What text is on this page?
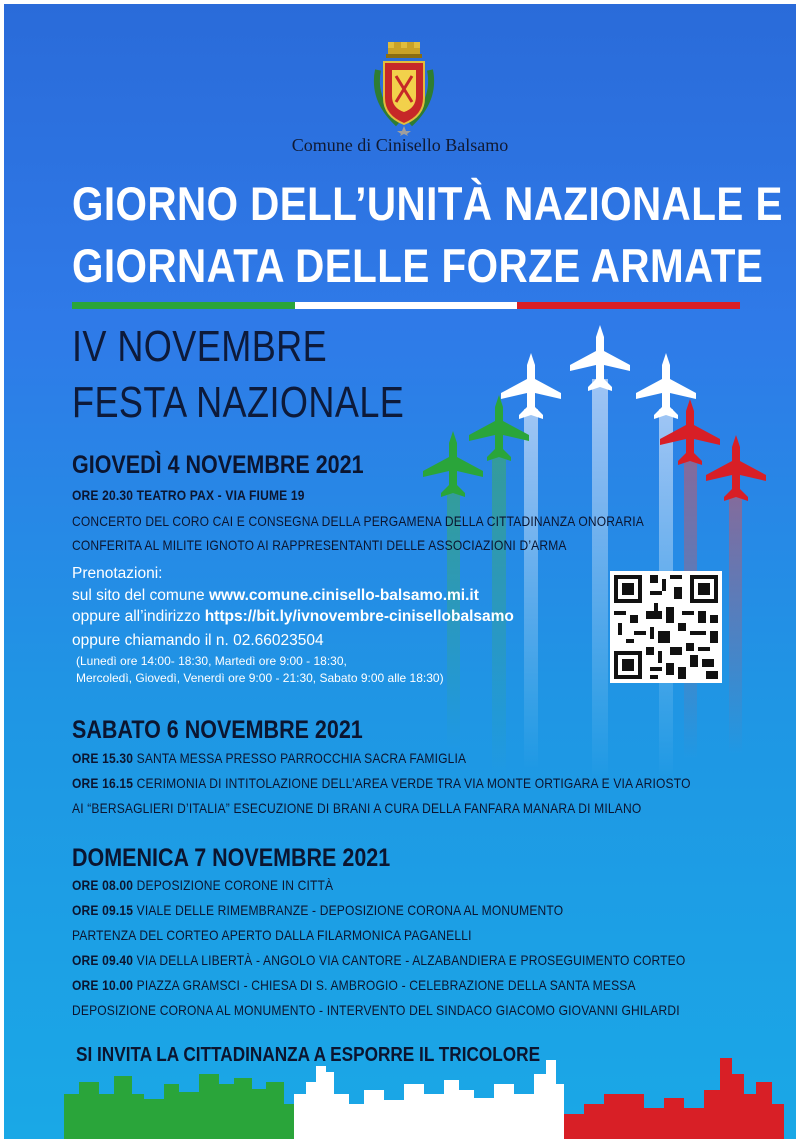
Comune di Cinisello Balsamo
GIORNO DELL’UNITÀ NAZIONALE E
GIORNATA DELLE FORZE ARMATE
IV NOVEMBRE
FESTA NAZIONALE
GIOVEDÌ 4 NOVEMBRE 2021
ORE 20.30 TEATRO PAX - VIA FIUME 19
CONCERTO DEL CORO CAI E CONSEGNA DELLA PERGAMENA DELLA CITTADINANZA ONORARIA
CONFERITA AL MILITE IGNOTO AI RAPPRESENTANTI DELLE ASSOCIAZIONI D’ARMA
Prenotazioni:
sul sito del comune www.comune.cinisello-balsamo.mi.it
oppure all’indirizzo https://bit.ly/ivnovembre-cinisellobalsamo
oppure chiamando il n. 02.66023504
(Lunedì ore 14:00- 18:30, Martedì ore 9:00 - 18:30,
Mercoledì, Giovedì, Venerdì ore 9:00 - 21:30, Sabato 9:00 alle 18:30)
SABATO 6 NOVEMBRE 2021
ORE 15.30 SANTA MESSA PRESSO PARROCCHIA SACRA FAMIGLIA
ORE 16.15 CERIMONIA DI INTITOLAZIONE DELL’AREA VERDE TRA VIA MONTE ORTIGARA E VIA ARIOSTO
AI “BERSAGLIERI D’ITALIA” ESECUZIONE DI BRANI A CURA DELLA FANFARA MANARA DI MILANO
DOMENICA 7 NOVEMBRE 2021
ORE 08.00 DEPOSIZIONE CORONE IN CITTÀ
ORE 09.15 VIALE DELLE RIMEMBRANZE - DEPOSIZIONE CORONA AL MONUMENTO
PARTENZA DEL CORTEO APERTO DALLA FILARMONICA PAGANELLI
ORE 09.40 VIA DELLA LIBERTÀ - ANGOLO VIA CANTORE - ALZABANDIERA E PROSEGUIMENTO CORTEO
ORE 10.00 PIAZZA GRAMSCI - CHIESA DI S. AMBROGIO - CELEBRAZIONE DELLA SANTA MESSA
DEPOSIZIONE CORONA AL MONUMENTO - INTERVENTO DEL SINDACO GIACOMO GIOVANNI GHILARDI
SI INVITA LA CITTADINANZA A ESPORRE IL TRICOLORE
